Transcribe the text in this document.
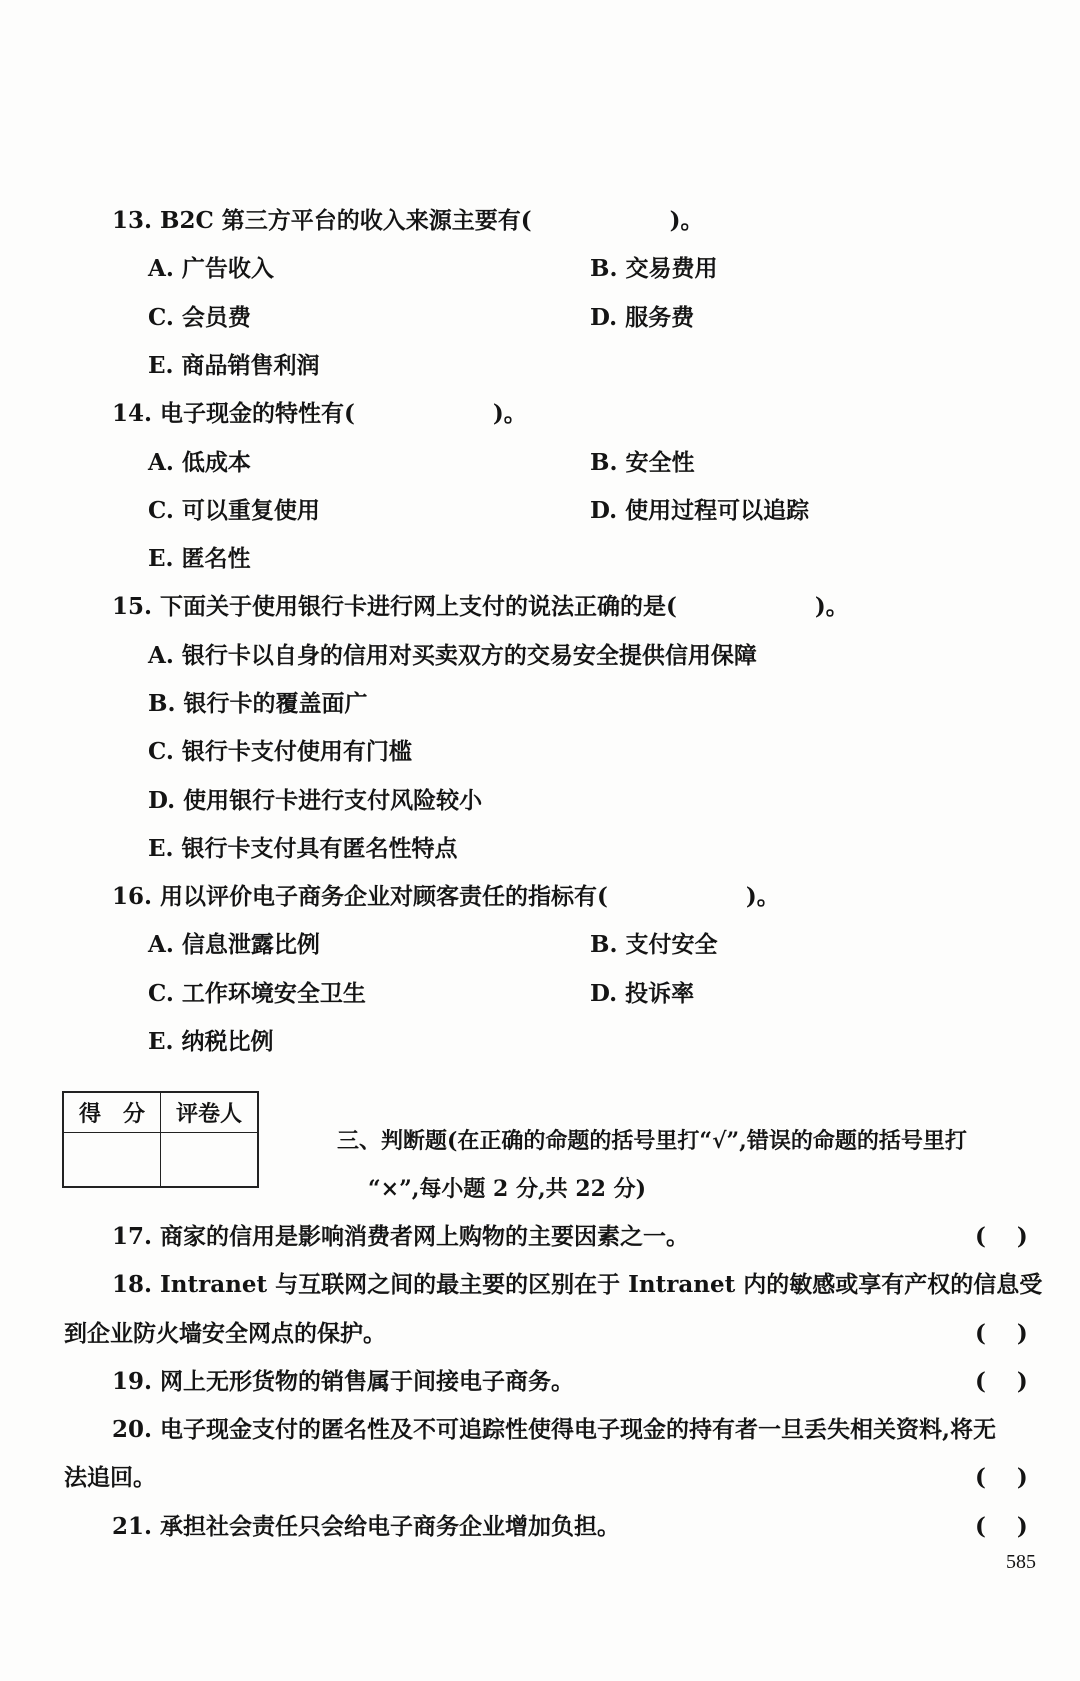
13. B2C 第三方平台的收入来源主要有(　　　　　　)。
A. 广告收入	B. 交易费用
C. 会员费	D. 服务费
E. 商品销售利润
14. 电子现金的特性有(　　　　　　)。
A. 低成本	B. 安全性
C. 可以重复使用	D. 使用过程可以追踪
E. 匿名性
15. 下面关于使用银行卡进行网上支付的说法正确的是(　　　　　　)。
A. 银行卡以自身的信用对买卖双方的交易安全提供信用保障
B. 银行卡的覆盖面广
C. 银行卡支付使用有门槛
D. 使用银行卡进行支付风险较小
E. 银行卡支付具有匿名性特点
16. 用以评价电子商务企业对顾客责任的指标有(　　　　　　)。
A. 信息泄露比例	B. 支付安全
C. 工作环境安全卫生	D. 投诉率
E. 纳税比例
得　分	评卷人

三、判断题(在正确的命题的括号里打“√”,错误的命题的括号里打
“×”,每小题 2 分,共 22 分)
17. 商家的信用是影响消费者网上购物的主要因素之一。	(　 )
18. Intranet 与互联网之间的最主要的区别在于 Intranet 内的敏感或享有产权的信息受
到企业防火墙安全网点的保护。	(　 )
19. 网上无形货物的销售属于间接电子商务。	(　 )
20. 电子现金支付的匿名性及不可追踪性使得电子现金的持有者一旦丢失相关资料,将无
法追回。	(　 )
21. 承担社会责任只会给电子商务企业增加负担。	(　 )
585
